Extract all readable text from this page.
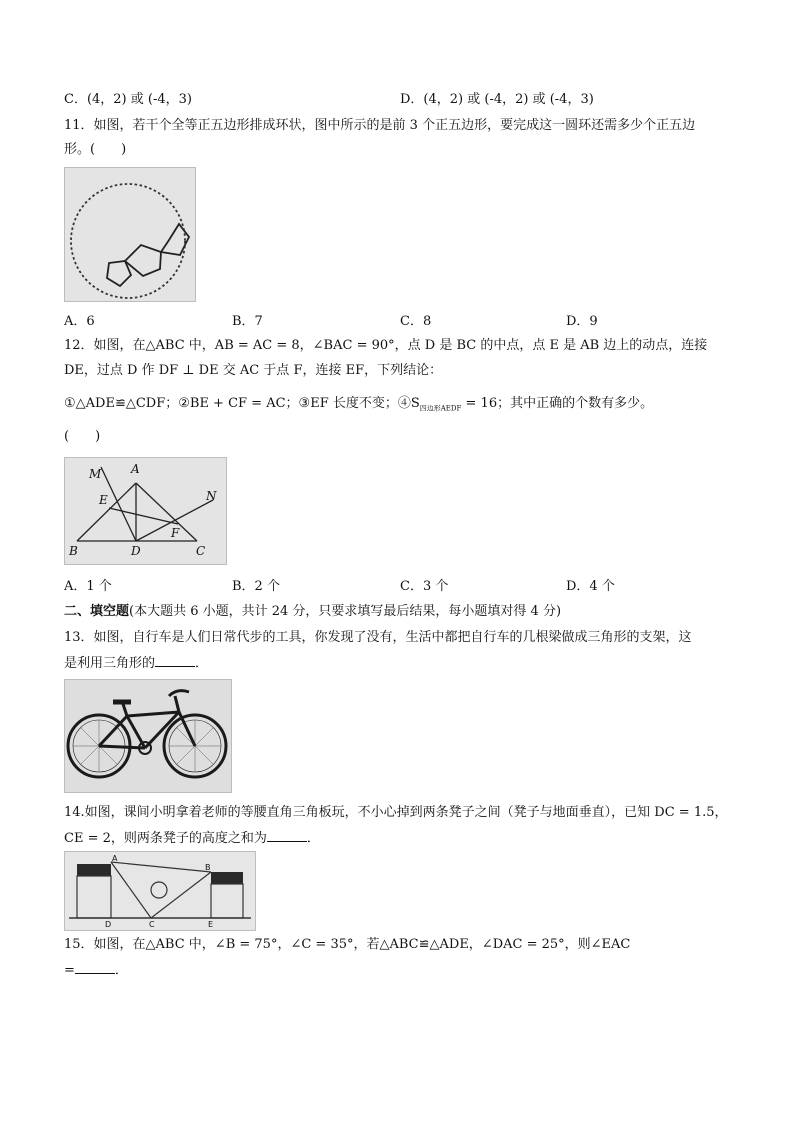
C．(4，2) 或 (-4，3)	D．(4，2) 或 (-4，2) 或 (-4，3)
11．如图，若干个全等正五边形排成环状，图中所示的是前 3 个正五边形，要完成这一圆环还需多少个正五边
形。(　　)
A．6	B．7	C．8	D．9
12．如图，在△ABC 中，AB = AC = 8，∠BAC = 90°，点 D 是 BC 的中点，点 E 是 AB 边上的动点，连接
DE，过点 D 作 DF ⊥ DE 交 AC 于点 F，连接 EF，下列结论：
①△ADE≌△CDF；②BE + CF = AC；③EF 长度不变；$④S_{四边形AEDF} = 16$；其中正确的个数有多少。
(　　)
M A
E	N
F
B	D	C
A．1 个	B．2 个	C．3 个	D．4 个
二、填空题(本大题共 6 小题，共计 24 分，只要求填写最后结果，每小题填对得 4 分)
13．如图，自行车是人们日常代步的工具，你发现了没有，生活中都把自行车的几根梁做成三角形的支架，这
是利用三角形的	．
14.如图，课间小明拿着老师的等腰直角三角板玩，不小心掉到两条凳子之间（凳子与地面垂直），已知 DC = 1.5，
CE = 2，则两条凳子的高度之和为	．
A
B
D	C	E
15．如图，在△ABC 中，∠B = 75°，∠C = 35°，若△ABC≌△ADE，∠DAC = 25°，则∠EAC
=	．
